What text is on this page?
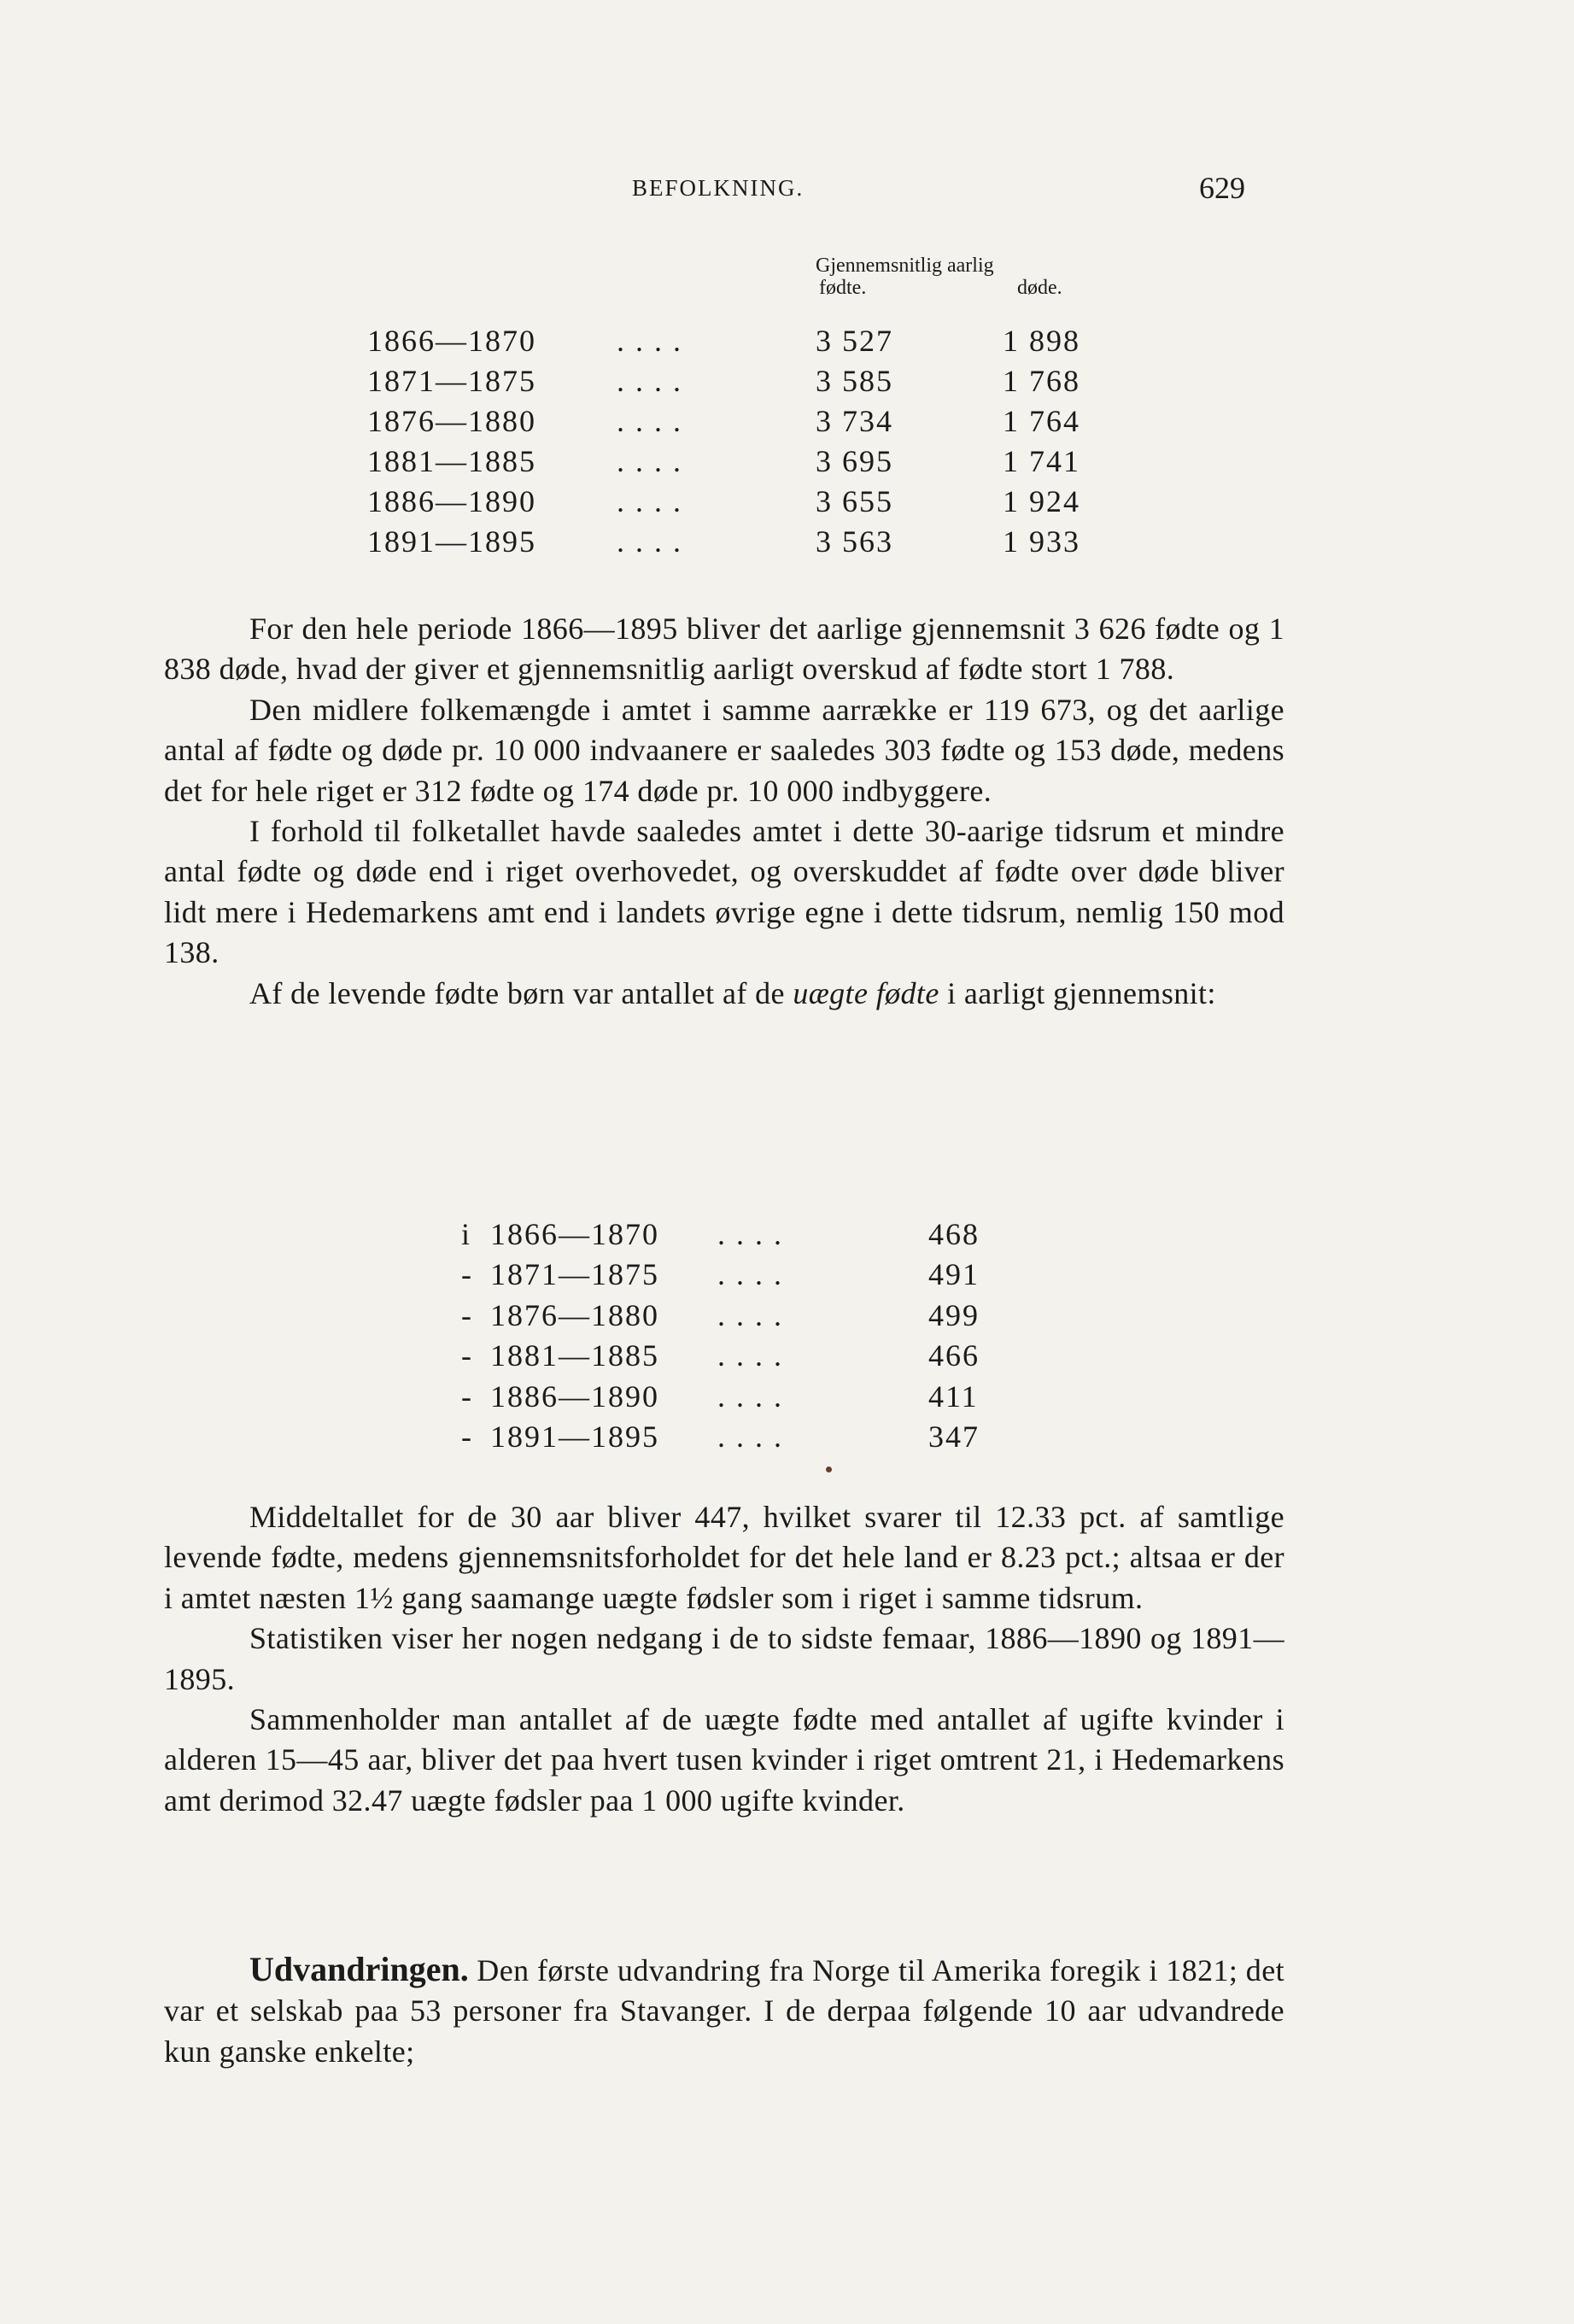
BEFOLKNING.	629
Gjennemsnitlig aarlig
fødte.	døde.
1866—1870	. . . .	3 527	1 898
1871—1875	. . . .	3 585	1 768
1876—1880	. . . .	3 734	1 764
1881—1885	. . . .	3 695	1 741
1886—1890	. . . .	3 655	1 924
1891—1895	. . . .	3 563	1 933

For den hele periode 1866—1895 bliver det aarlige gjennemsnit 3 626 fødte og 1 838 døde, hvad der giver et gjennemsnitlig aarligt overskud af fødte stort 1 788.

Den midlere folkemængde i amtet i samme aarrække er 119 673, og det aarlige antal af fødte og døde pr. 10 000 indvaanere er saaledes 303 fødte og 153 døde, medens det for hele riget er 312 fødte og 174 døde pr. 10 000 indbyggere.

I forhold til folketallet havde saaledes amtet i dette 30-aarige tidsrum et mindre antal fødte og døde end i riget overhovedet, og overskuddet af fødte over døde bliver lidt mere i Hedemarkens amt end i landets øvrige egne i dette tidsrum, nemlig 150 mod 138.

Af de levende fødte børn var antallet af de uægte fødte i aarligt gjennemsnit:

i 1866—1870 . . . .	468
- 1871—1875 . . . .	491
- 1876—1880 . . . .	499
- 1881—1885 . . . .	466
- 1886—1890 . . . .	411
- 1891—1895 . . . .	347

Middeltallet for de 30 aar bliver 447, hvilket svarer til 12.33 pct. af samtlige levende fødte, medens gjennemsnitsforholdet for det hele land er 8.23 pct.; altsaa er der i amtet næsten 1½ gang saamange uægte fødsler som i riget i samme tidsrum.

Statistiken viser her nogen nedgang i de to sidste femaar, 1886—1890 og 1891—1895.

Sammenholder man antallet af de uægte fødte med antallet af ugifte kvinder i alderen 15—45 aar, bliver det paa hvert tusen kvinder i riget omtrent 21, i Hedemarkens amt derimod 32.47 uægte fødsler paa 1 000 ugifte kvinder.

Udvandringen. Den første udvandring fra Norge til Amerika foregik i 1821; det var et selskab paa 53 personer fra Stavanger. I de derpaa følgende 10 aar udvandrede kun ganske enkelte;
